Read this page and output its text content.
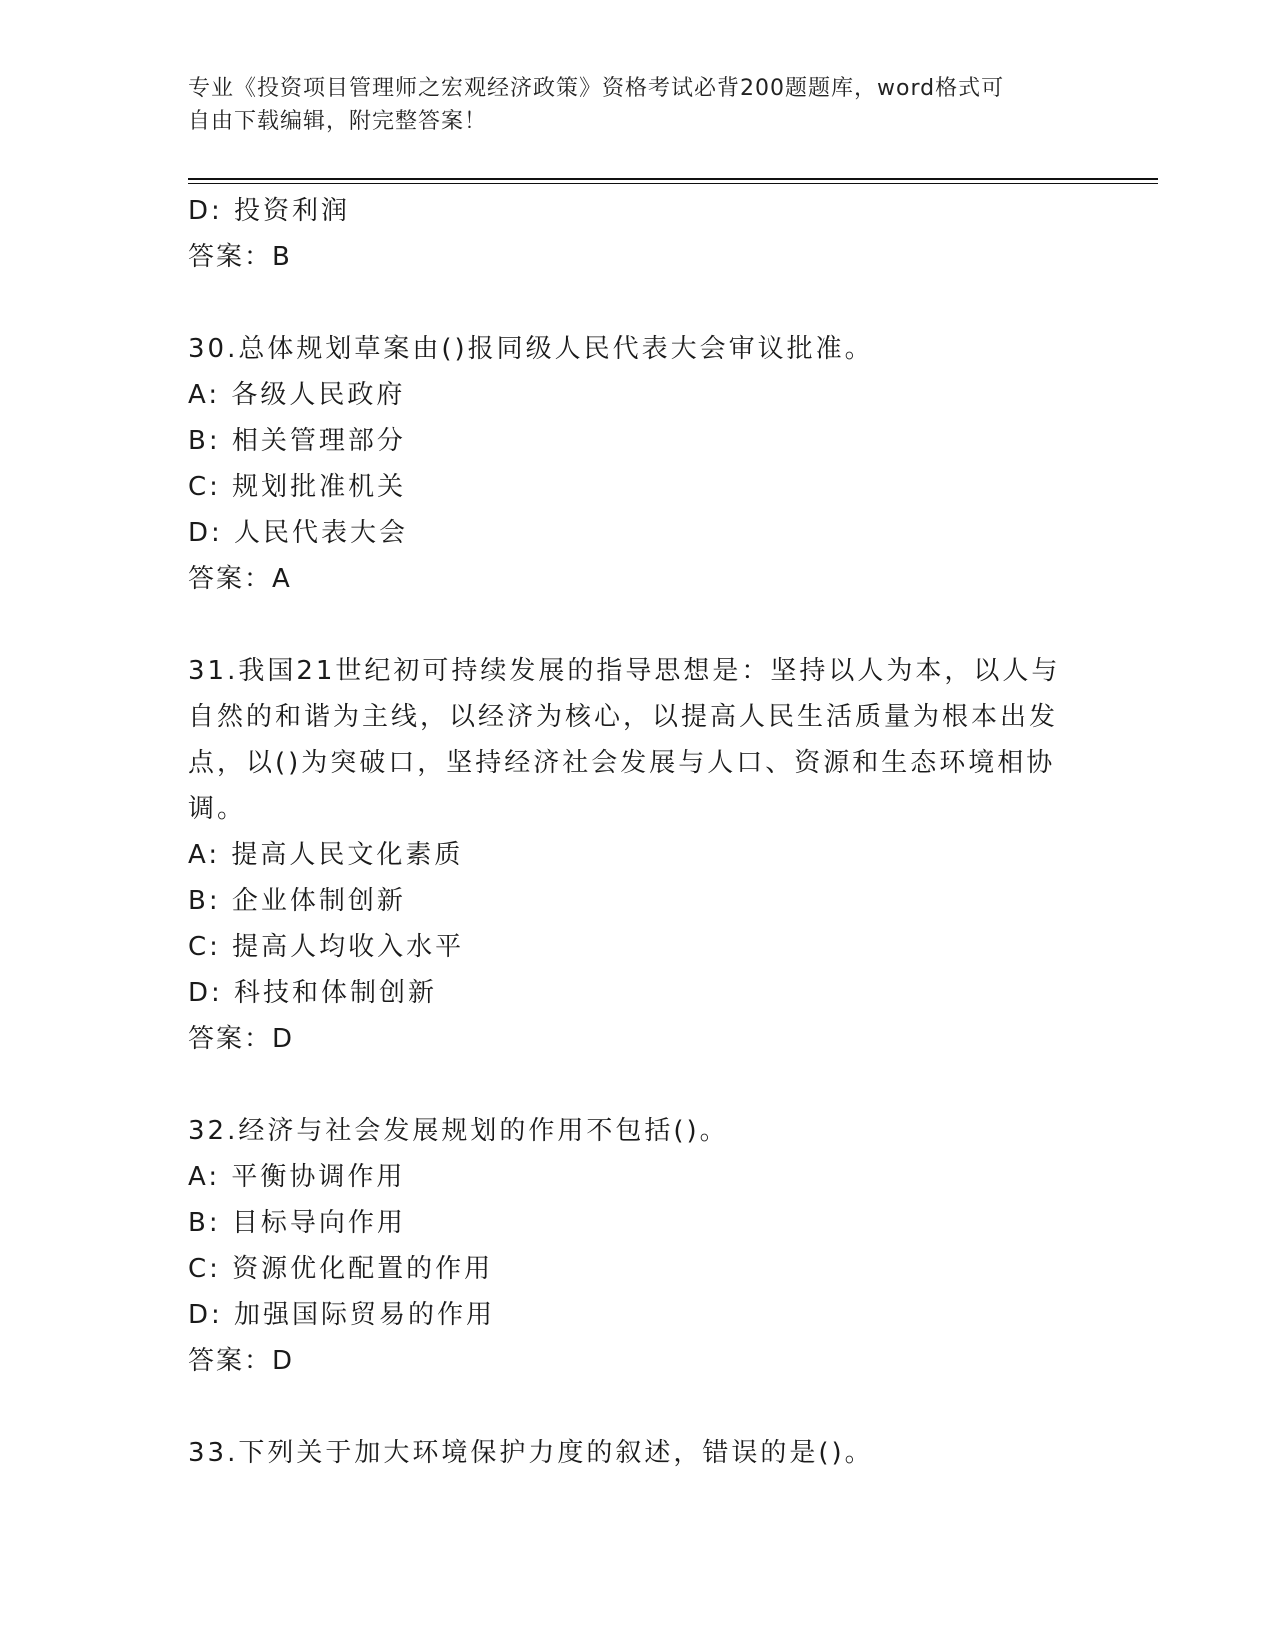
专业《投资项目管理师之宏观经济政策》资格考试必背200题题库，word格式可
自由下载编辑，附完整答案！
D: 投资利润
答案：B
30.总体规划草案由()报同级人民代表大会审议批准。
A: 各级人民政府
B: 相关管理部分
C: 规划批准机关
D: 人民代表大会
答案：A
31.我国21世纪初可持续发展的指导思想是：坚持以人为本，以人与
自然的和谐为主线，以经济为核心，以提高人民生活质量为根本出发
点，以()为突破口，坚持经济社会发展与人口、资源和生态环境相协
调。
A: 提高人民文化素质
B: 企业体制创新
C: 提高人均收入水平
D: 科技和体制创新
答案：D
32.经济与社会发展规划的作用不包括()。
A: 平衡协调作用
B: 目标导向作用
C: 资源优化配置的作用
D: 加强国际贸易的作用
答案：D
33.下列关于加大环境保护力度的叙述，错误的是()。
